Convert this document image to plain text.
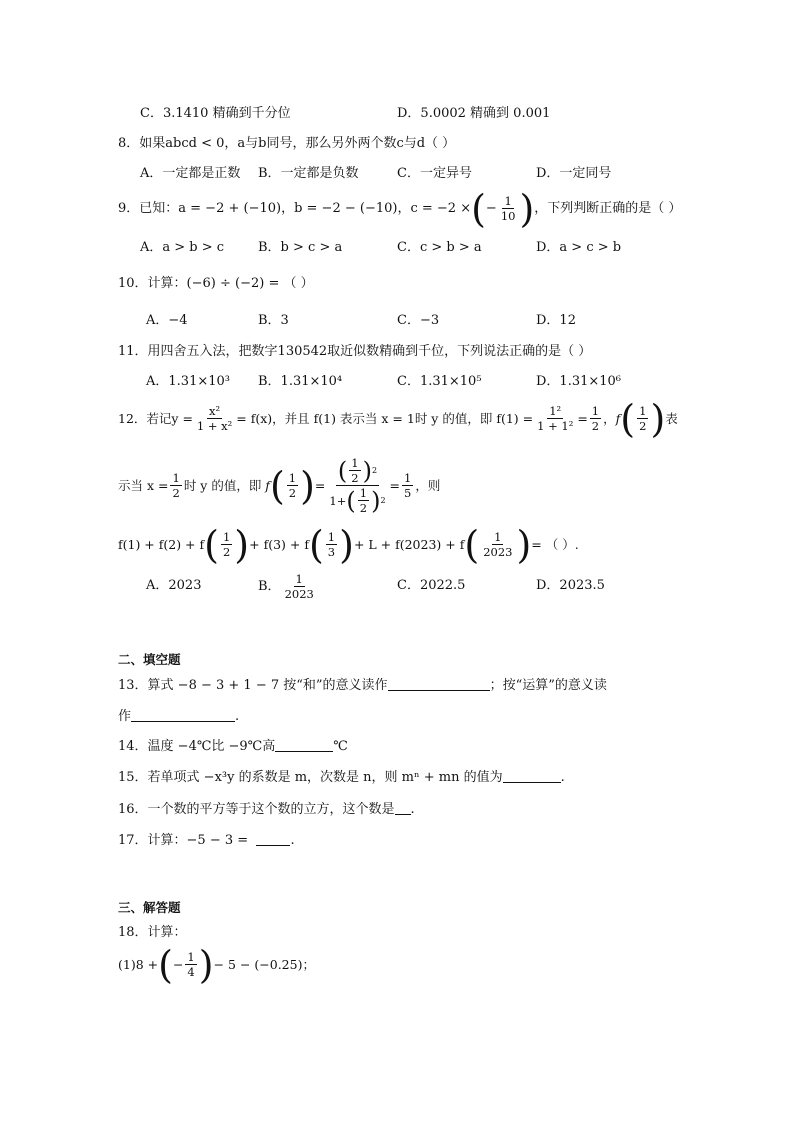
C．3.1410 精确到千分位	D．5.0002 精确到 0.001
8．如果abcd < 0，a与b同号，那么另外两个数c与d（ ）
A．一定都是正数 B．一定都是负数	C．一定异号	D．一定同号
9．已知：a = −2 + (−10)，b = −2 − (−10)，c = −2 × ( − $\frac{1}{10}$ ) ，下列判断正确的是（ ）
A．a > b > c	B．b > c > a	C．c > b > a	D．a > c > b
10．计算：(−6) ÷ (−2) = （ ）
A．−4	B．3	C．−3	D．12
11．用四舍五入法，把数字130542取近似数精确到千位，下列说法正确的是（ ）
A．1.31×10³ B．1.31×10⁴	C．1.31×10⁵	D．1.31×10⁶
12．若记 $y = \frac{\text{x²}}{\text{1 + x²}} = f(x)$，并且 f(1) 表示当 x = 1时 y 的值，即 $f(1) = \frac{\text{1²}}{\text{1 + 1²}} = \frac{1}{2}$ ，f ( $\frac{1}{2}$ ) 表
示当 $x = \frac{1}{2}$ 时 y 的值，即 f ( $\frac{1}{2}$ ) = $\frac{( \frac{1}{2} ) 2}{1+ ( \frac{1}{2} ) 2} = \frac{1}{5}$ ，则
f(1) + f(2) + f ( $\frac{1}{2}$ ) + f(3) + f ( $\frac{1}{3}$ ) + L + f(2023) + f ( $\frac{1}{2023}$ ) = （ ）.
A．2023	B． $\frac{1}{2023}$	C．2022.5	D．2023.5
二、填空题
13．算式 −8 − 3 + 1 − 7 按“和”的意义读作	；按“运算”的意义读
作	.
14．温度 −4℃比 −9℃高	℃
15．若单项式 −x³y 的系数是 m，次数是 n，则 mⁿ + mn 的值为	.
16．一个数的平方等于这个数的立方，这个数是 .
17．计算：−5 − 3 =	.
三、解答题
18．计算：
(1)8 + ( − $\frac{1}{4}$ ) − 5 − (−0.25)；
